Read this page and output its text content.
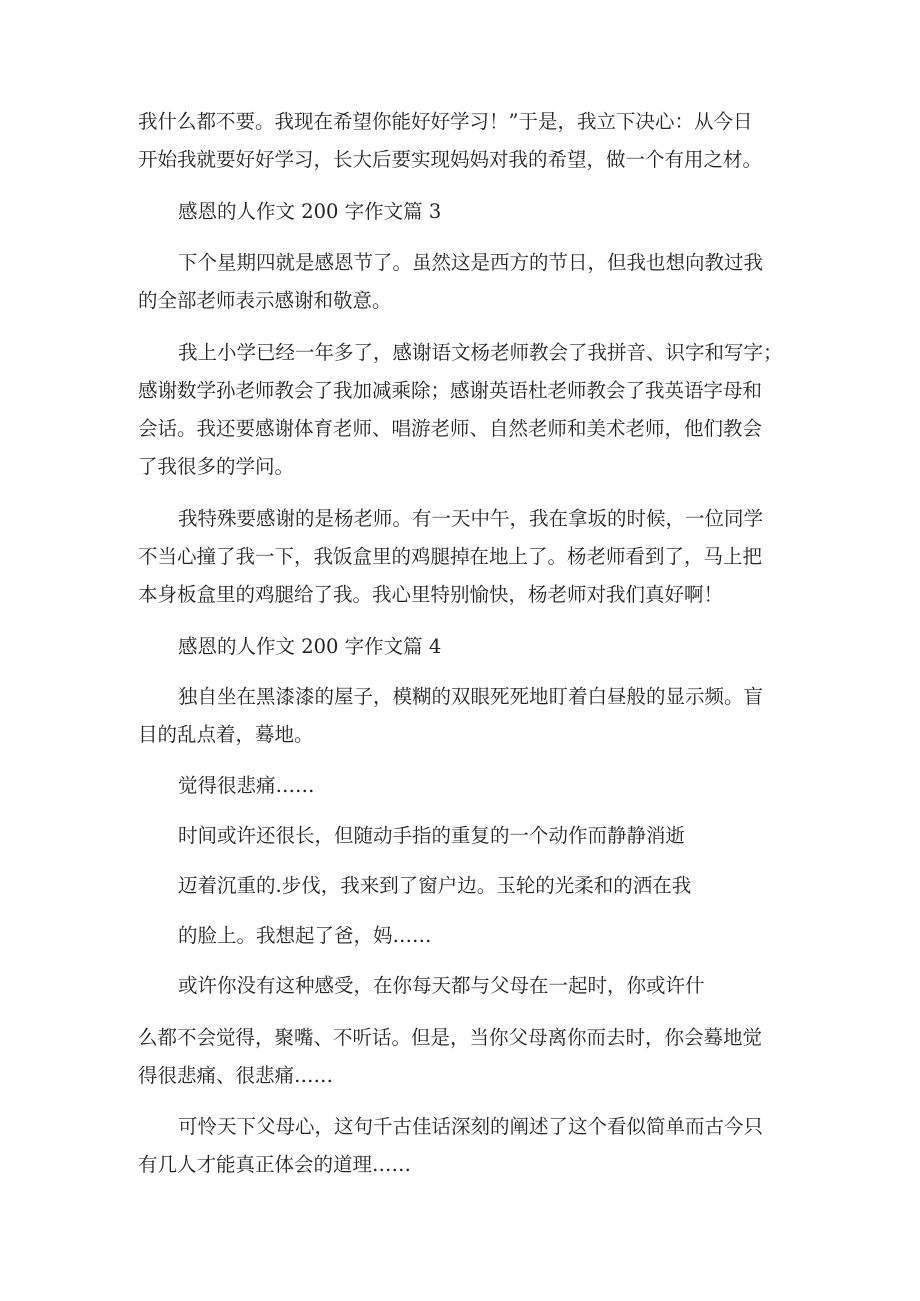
我什么都不要。我现在希望你能好好学习！”于是，我立下决心：从今日
开始我就要好好学习，长大后要实现妈妈对我的希望，做一个有用之材。
感恩的人作文 200 字作文篇 3
下个星期四就是感恩节了。虽然这是西方的节日，但我也想向教过我
的全部老师表示感谢和敬意。
我上小学已经一年多了，感谢语文杨老师教会了我拼音、识字和写字；
感谢数学孙老师教会了我加减乘除；感谢英语杜老师教会了我英语字母和
会话。我还要感谢体育老师、唱游老师、自然老师和美术老师，他们教会
了我很多的学问。
我特殊要感谢的是杨老师。有一天中午，我在拿坂的时候，一位同学
不当心撞了我一下，我饭盒里的鸡腿掉在地上了。杨老师看到了，马上把
本身板盒里的鸡腿给了我。我心里特别愉快，杨老师对我们真好啊！
感恩的人作文 200 字作文篇 4
独自坐在黑漆漆的屋子，模糊的双眼死死地盯着白昼般的显示频。盲
目的乱点着，蓦地。
觉得很悲痛……
时间或许还很长，但随动手指的重复的一个动作而静静消逝
迈着沉重的.步伐，我来到了窗户边。玉轮的光柔和的洒在我
的脸上。我想起了爸，妈……
或许你没有这种感受，在你每天都与父母在一起时，你或许什
么都不会觉得，聚嘴、不听话。但是，当你父母离你而去时，你会蓦地觉
得很悲痛、很悲痛……
可怜天下父母心，这句千古佳话深刻的阐述了这个看似简单而古今只
有几人才能真正体会的道理……
